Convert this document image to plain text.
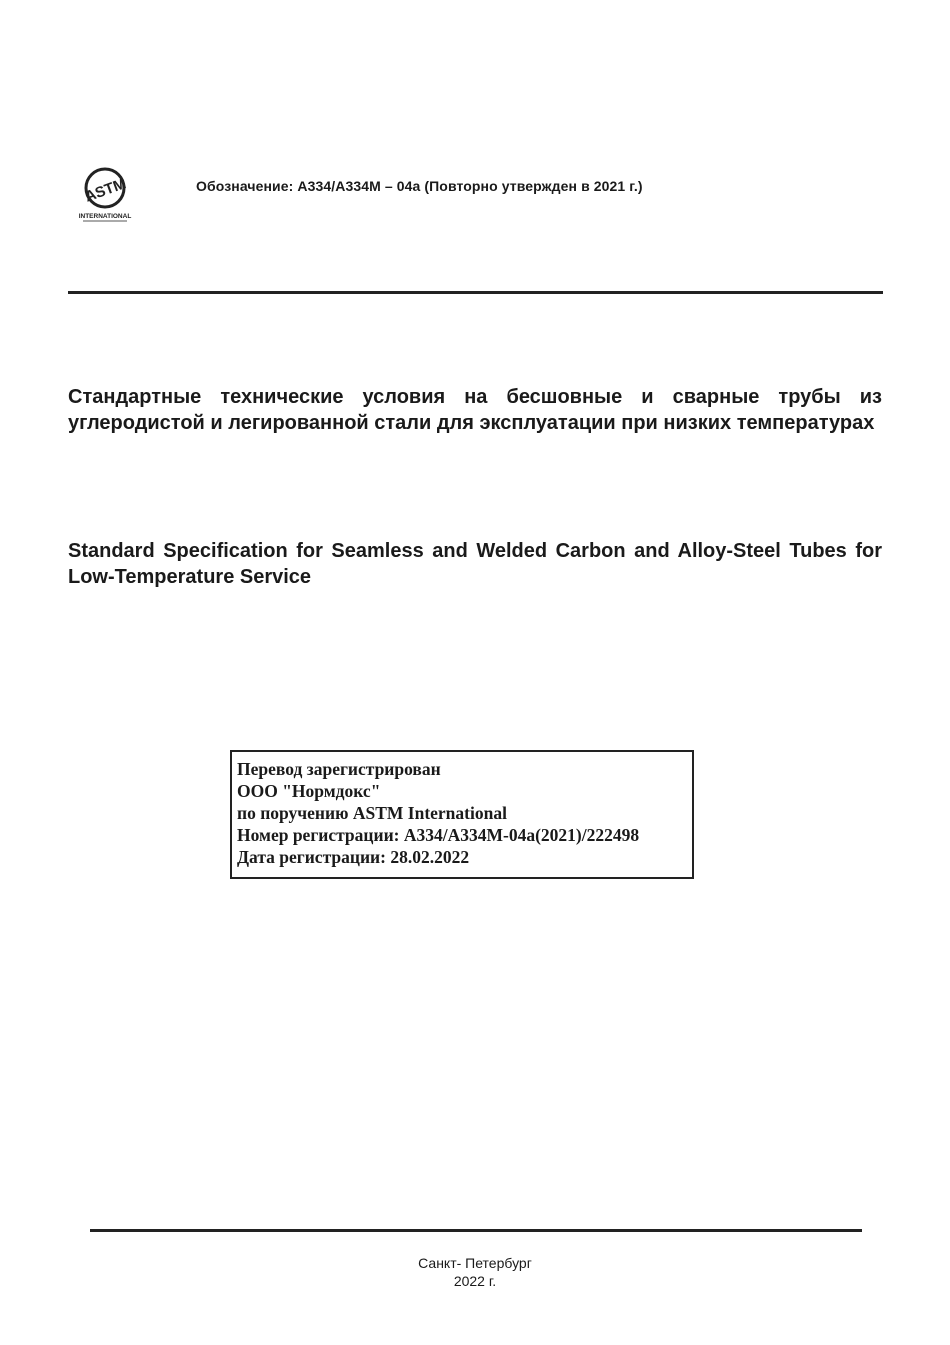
ASTM
INTERNATIONAL
Обозначение: A334/A334M – 04a (Повторно утвержден в 2021 г.)
Стандартные технические условия на бесшовные и сварные трубы из углеродистой и легированной стали для эксплуатации при низких температурах
Standard Specification for Seamless and Welded Carbon and Alloy-Steel Tubes for Low-Temperature Service
Перевод зарегистрирован
ООО "Нормдокс"
по поручению ASTM International
Номер регистрации: A334/A334M-04a(2021)/222498
Дата регистрации: 28.02.2022
Санкт- Петербург
2022 г.
